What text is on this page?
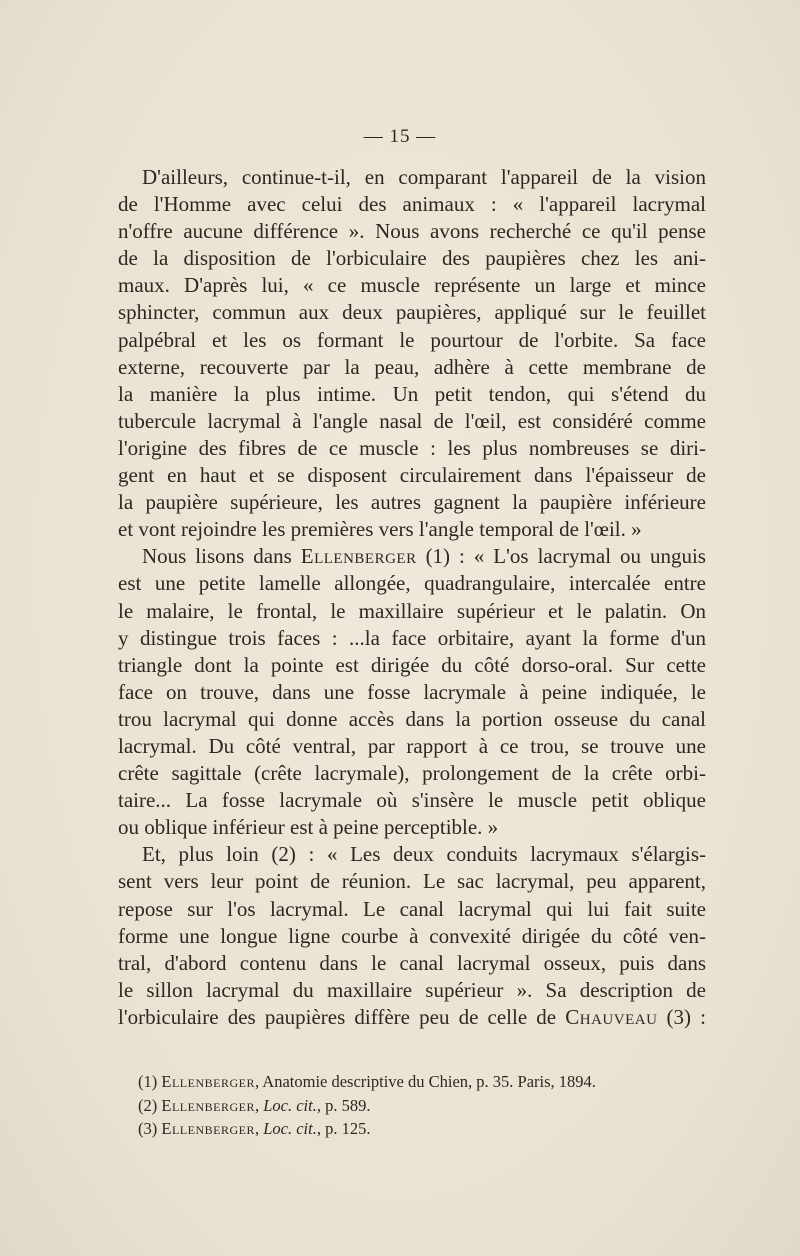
— 15 —
D'ailleurs, continue-t-il, en comparant l'appareil de la vision
de l'Homme avec celui des animaux : « l'appareil lacrymal
n'offre aucune différence ». Nous avons recherché ce qu'il pense
de la disposition de l'orbiculaire des paupières chez les ani-
maux. D'après lui, « ce muscle représente un large et mince
sphincter, commun aux deux paupières, appliqué sur le feuillet
palpébral et les os formant le pourtour de l'orbite. Sa face
externe, recouverte par la peau, adhère à cette membrane de
la manière la plus intime. Un petit tendon, qui s'étend du
tubercule lacrymal à l'angle nasal de l'œil, est considéré comme
l'origine des fibres de ce muscle : les plus nombreuses se diri-
gent en haut et se disposent circulairement dans l'épaisseur de
la paupière supérieure, les autres gagnent la paupière inférieure
et vont rejoindre les premières vers l'angle temporal de l'œil. »
Nous lisons dans Ellenberger (1) : « L'os lacrymal ou unguis
est une petite lamelle allongée, quadrangulaire, intercalée entre
le malaire, le frontal, le maxillaire supérieur et le palatin. On
y distingue trois faces : ...la face orbitaire, ayant la forme d'un
triangle dont la pointe est dirigée du côté dorso-oral. Sur cette
face on trouve, dans une fosse lacrymale à peine indiquée, le
trou lacrymal qui donne accès dans la portion osseuse du canal
lacrymal. Du côté ventral, par rapport à ce trou, se trouve une
crête sagittale (crête lacrymale), prolongement de la crête orbi-
taire... La fosse lacrymale où s'insère le muscle petit oblique
ou oblique inférieur est à peine perceptible. »
Et, plus loin (2) : « Les deux conduits lacrymaux s'élargis-
sent vers leur point de réunion. Le sac lacrymal, peu apparent,
repose sur l'os lacrymal. Le canal lacrymal qui lui fait suite
forme une longue ligne courbe à convexité dirigée du côté ven-
tral, d'abord contenu dans le canal lacrymal osseux, puis dans
le sillon lacrymal du maxillaire supérieur ». Sa description de
l'orbiculaire des paupières diffère peu de celle de Chauveau (3) :
(1) Ellenberger, Anatomie descriptive du Chien, p. 35. Paris, 1894.
(2) Ellenberger, Loc. cit., p. 589.
(3) Ellenberger, Loc. cit., p. 125.
